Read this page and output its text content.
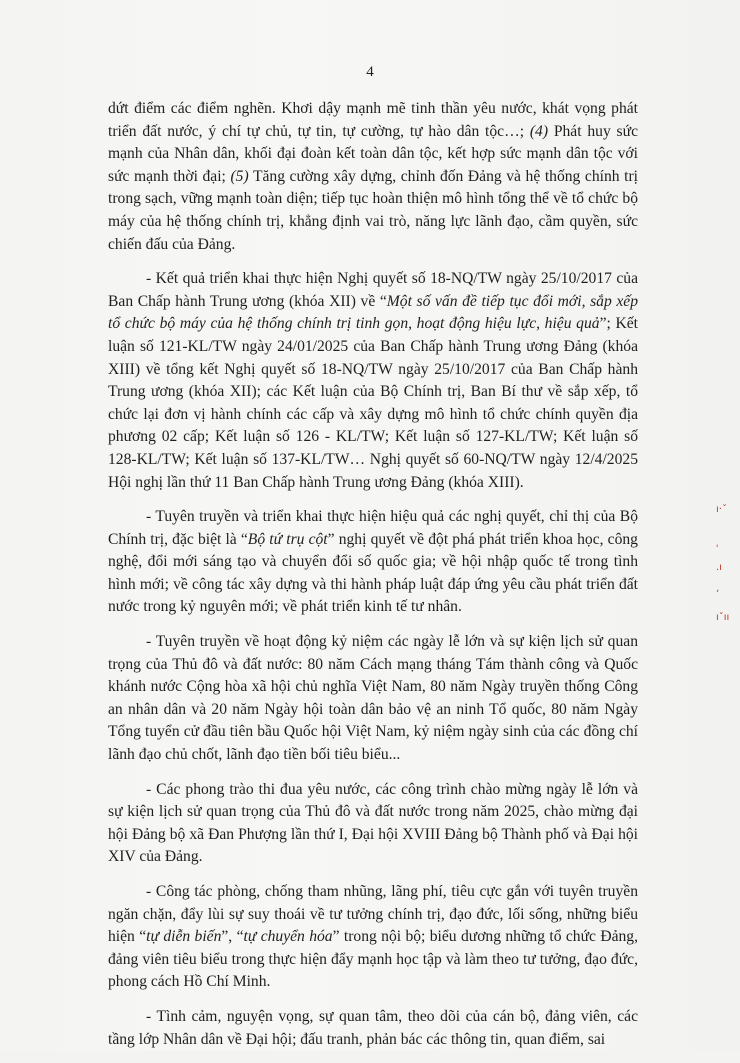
4

dứt điểm các điểm nghẽn. Khơi dậy mạnh mẽ tinh thần yêu nước, khát vọng phát triển đất nước, ý chí tự chủ, tự tin, tự cường, tự hào dân tộc…; (4) Phát huy sức mạnh của Nhân dân, khối đại đoàn kết toàn dân tộc, kết hợp sức mạnh dân tộc với sức mạnh thời đại; (5) Tăng cường xây dựng, chỉnh đốn Đảng và hệ thống chính trị trong sạch, vững mạnh toàn diện; tiếp tục hoàn thiện mô hình tổng thể về tổ chức bộ máy của hệ thống chính trị, khẳng định vai trò, năng lực lãnh đạo, cầm quyền, sức chiến đấu của Đảng.

- Kết quả triển khai thực hiện Nghị quyết số 18-NQ/TW ngày 25/10/2017 của Ban Chấp hành Trung ương (khóa XII) về “Một số vấn đề tiếp tục đổi mới, sắp xếp tổ chức bộ máy của hệ thống chính trị tinh gọn, hoạt động hiệu lực, hiệu quả”; Kết luận số 121-KL/TW ngày 24/01/2025 của Ban Chấp hành Trung ương Đảng (khóa XIII) về tổng kết Nghị quyết số 18-NQ/TW ngày 25/10/2017 của Ban Chấp hành Trung ương (khóa XII); các Kết luận của Bộ Chính trị, Ban Bí thư về sắp xếp, tổ chức lại đơn vị hành chính các cấp và xây dựng mô hình tổ chức chính quyền địa phương 02 cấp; Kết luận số 126 - KL/TW; Kết luận số 127-KL/TW; Kết luận số 128-KL/TW; Kết luận số 137-KL/TW… Nghị quyết số 60-NQ/TW ngày 12/4/2025 Hội nghị lần thứ 11 Ban Chấp hành Trung ương Đảng (khóa XIII).

- Tuyên truyền và triển khai thực hiện hiệu quả các nghị quyết, chỉ thị của Bộ Chính trị, đặc biệt là “Bộ tứ trụ cột” nghị quyết về đột phá phát triển khoa học, công nghệ, đổi mới sáng tạo và chuyển đổi số quốc gia; về hội nhập quốc tế trong tình hình mới; về công tác xây dựng và thi hành pháp luật đáp ứng yêu cầu phát triển đất nước trong kỷ nguyên mới; về phát triển kinh tế tư nhân.

- Tuyên truyền về hoạt động kỷ niệm các ngày lễ lớn và sự kiện lịch sử quan trọng của Thủ đô và đất nước: 80 năm Cách mạng tháng Tám thành công và Quốc khánh nước Cộng hòa xã hội chủ nghĩa Việt Nam, 80 năm Ngày truyền thống Công an nhân dân và 20 năm Ngày hội toàn dân bảo vệ an ninh Tổ quốc, 80 năm Ngày Tổng tuyển cử đầu tiên bầu Quốc hội Việt Nam, kỷ niệm ngày sinh của các đồng chí lãnh đạo chủ chốt, lãnh đạo tiền bối tiêu biểu...

- Các phong trào thi đua yêu nước, các công trình chào mừng ngày lễ lớn và sự kiện lịch sử quan trọng của Thủ đô và đất nước trong năm 2025, chào mừng đại hội Đảng bộ xã Đan Phượng lần thứ I, Đại hội XVIII Đảng bộ Thành phố và Đại hội XIV của Đảng.

- Công tác phòng, chống tham nhũng, lãng phí, tiêu cực gắn với tuyên truyền ngăn chặn, đẩy lùi sự suy thoái về tư tưởng chính trị, đạo đức, lối sống, những biểu hiện “tự diễn biến”, “tự chuyển hóa” trong nội bộ; biểu dương những tổ chức Đảng, đảng viên tiêu biểu trong thực hiện đẩy mạnh học tập và làm theo tư tưởng, đạo đức, phong cách Hồ Chí Minh.

- Tình cảm, nguyện vọng, sự quan tâm, theo dõi của cán bộ, đảng viên, các tầng lớp Nhân dân về Đại hội; đấu tranh, phản bác các thông tin, quan điểm, sai

ı·ˇ
ʿ
.ı
ʼ
ıˇıı
